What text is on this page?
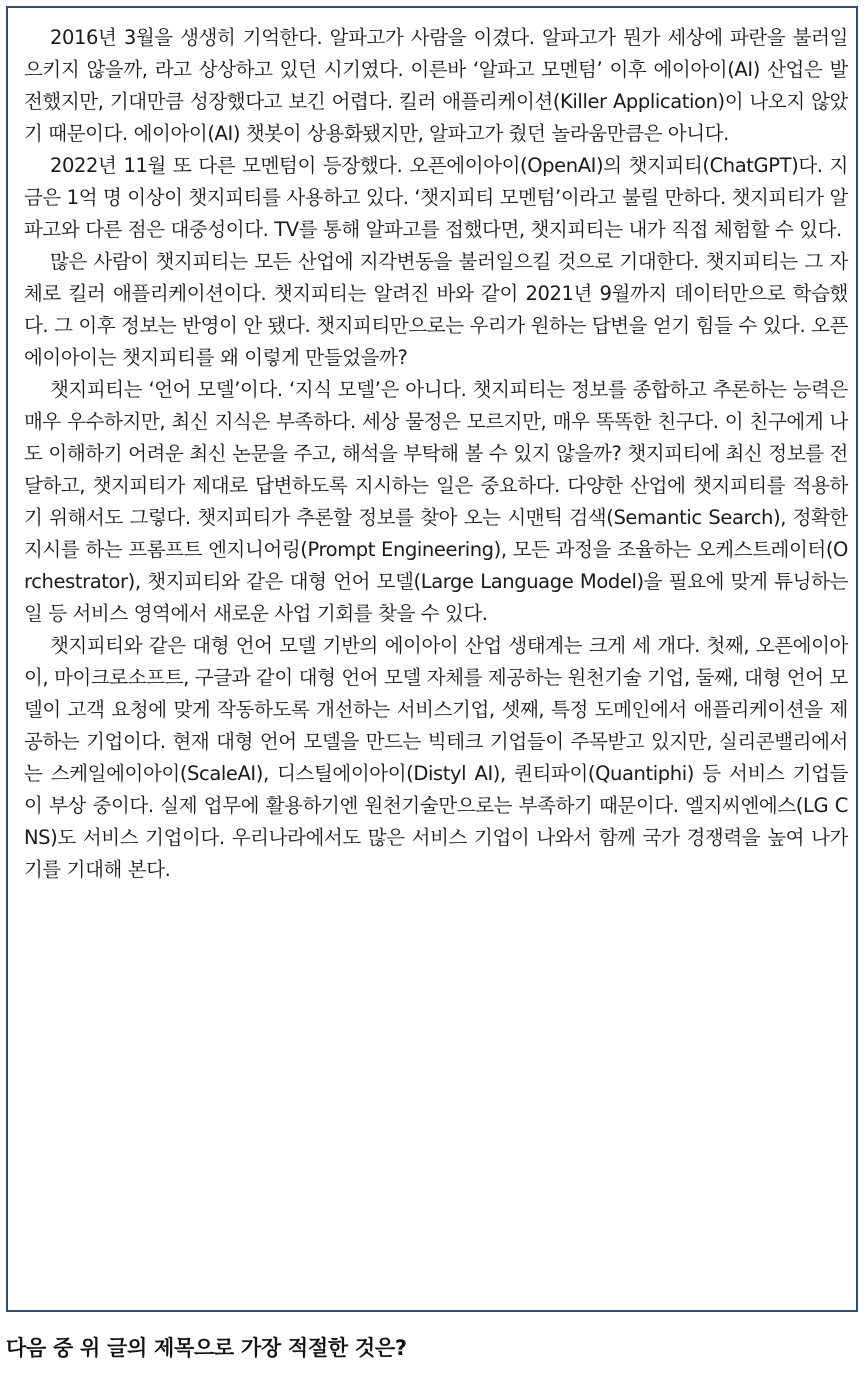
2016년 3월을 생생히 기억한다. 알파고가 사람을 이겼다. 알파고가 뭔가 세상에 파란을 불러일으키지 않을까, 라고 상상하고 있던 시기였다. 이른바 ‘알파고 모멘텀’ 이후 에이아이(AI) 산업은 발전했지만, 기대만큼 성장했다고 보긴 어렵다. 킬러 애플리케이션(Killer Application)이 나오지 않았기 때문이다. 에이아이(AI) 챗봇이 상용화됐지만, 알파고가 줬던 놀라움만큼은 아니다.

2022년 11월 또 다른 모멘텀이 등장했다. 오픈에이아이(OpenAI)의 챗지피티(ChatGPT)다. 지금은 1억 명 이상이 챗지피티를 사용하고 있다. ‘챗지피티 모멘텀’이라고 불릴 만하다. 챗지피티가 알파고와 다른 점은 대중성이다. TV를 통해 알파고를 접했다면, 챗지피티는 내가 직접 체험할 수 있다.

많은 사람이 챗지피티는 모든 산업에 지각변동을 불러일으킬 것으로 기대한다. 챗지피티는 그 자체로 킬러 애플리케이션이다. 챗지피티는 알려진 바와 같이 2021년 9월까지 데이터만으로 학습했다. 그 이후 정보는 반영이 안 됐다. 챗지피티만으로는 우리가 원하는 답변을 얻기 힘들 수 있다. 오픈에이아이는 챗지피티를 왜 이렇게 만들었을까?

챗지피티는 ‘언어 모델’이다. ‘지식 모델’은 아니다. 챗지피티는 정보를 종합하고 추론하는 능력은 매우 우수하지만, 최신 지식은 부족하다. 세상 물정은 모르지만, 매우 똑똑한 친구다. 이 친구에게 나도 이해하기 어려운 최신 논문을 주고, 해석을 부탁해 볼 수 있지 않을까? 챗지피티에 최신 정보를 전달하고, 챗지피티가 제대로 답변하도록 지시하는 일은 중요하다. 다양한 산업에 챗지피티를 적용하기 위해서도 그렇다. 챗지피티가 추론할 정보를 찾아 오는 시맨틱 검색(Semantic Search), 정확한 지시를 하는 프롬프트 엔지니어링(Prompt Engineering), 모든 과정을 조율하는 오케스트레이터(Orchestrator), 챗지피티와 같은 대형 언어 모델(Large Language Model)을 필요에 맞게 튜닝하는 일 등 서비스 영역에서 새로운 사업 기회를 찾을 수 있다.

챗지피티와 같은 대형 언어 모델 기반의 에이아이 산업 생태계는 크게 세 개다. 첫째, 오픈에이아이, 마이크로소프트, 구글과 같이 대형 언어 모델 자체를 제공하는 원천기술 기업, 둘째, 대형 언어 모델이 고객 요청에 맞게 작동하도록 개선하는 서비스기업, 셋째, 특정 도메인에서 애플리케이션을 제공하는 기업이다. 현재 대형 언어 모델을 만드는 빅테크 기업들이 주목받고 있지만, 실리콘밸리에서는 스케일에이아이(ScaleAI), 디스틸에이아이(Distyl AI), 퀀티파이(Quantiphi) 등 서비스 기업들이 부상 중이다. 실제 업무에 활용하기엔 원천기술만으로는 부족하기 때문이다. 엘지씨엔에스(LG CNS)도 서비스 기업이다. 우리나라에서도 많은 서비스 기업이 나와서 함께 국가 경쟁력을 높여 나가기를 기대해 본다.

다음 중 위 글의 제목으로 가장 적절한 것은?
